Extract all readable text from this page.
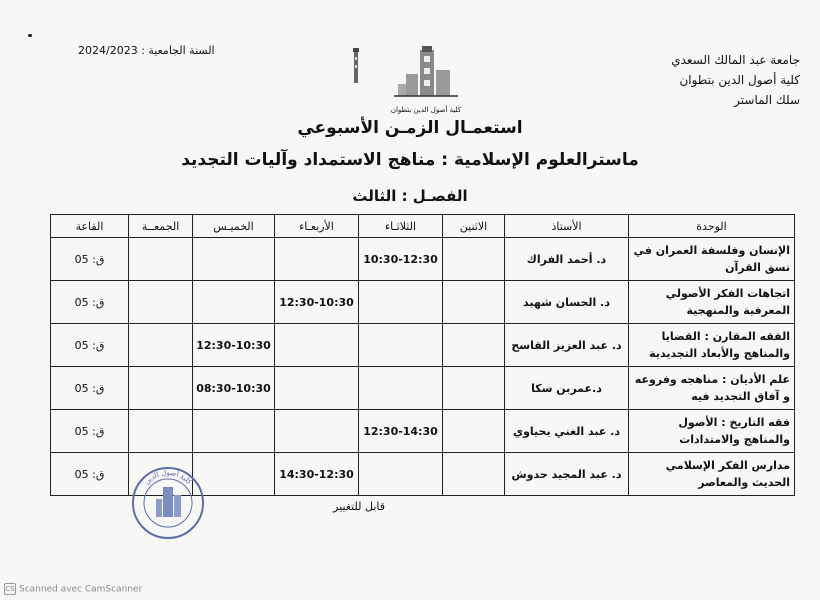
جامعة عبد المالك السعدي
كلية أصول الدين بتطوان
سلك الماستر
السنة الجامعية : 2024/2023
كلية أصول الدين بتطوان
استعمـال الزمـن الأسبوعي
ماسترالعلوم الإسلامية : مناهج الاستمداد وآليات التجديد
الفصـل : الثالث
الوحدة	الأستاذ	الاثنين	الثلاثـاء	الأربعـاء	الخميـس	الجمعــة	القاعة
الإنسان وفلسفة العمران في نسق القرآن	د. أحمد الفراك		10:30-12:30				ق: 05
اتجاهات الفكر الأصولي المعرفية والمنهجية	د. الحسان شهيد			12:30-10:30			ق: 05
الفقه المقارن : القضايا والمناهج والأبعاد التجديدية	د. عبد العزيز القاسح				12:30-10:30		ق: 05
علم الأديان : مناهجه وفروعه و آفاق التجديد فيه	د.عمربن سكا				08:30-10:30		ق: 05
فقه التاريخ : الأصول والمناهج والامتدادات	د. عبد الغني يحياوي		12:30-14:30				ق: 05
مدارس الفكر الإسلامي الحديث والمعاصر	د. عبد المجيد حدوش			14:30-12:30			ق: 05
كلية أصول الدين
قابل للتغيير
CS Scanned avec CamScanner
